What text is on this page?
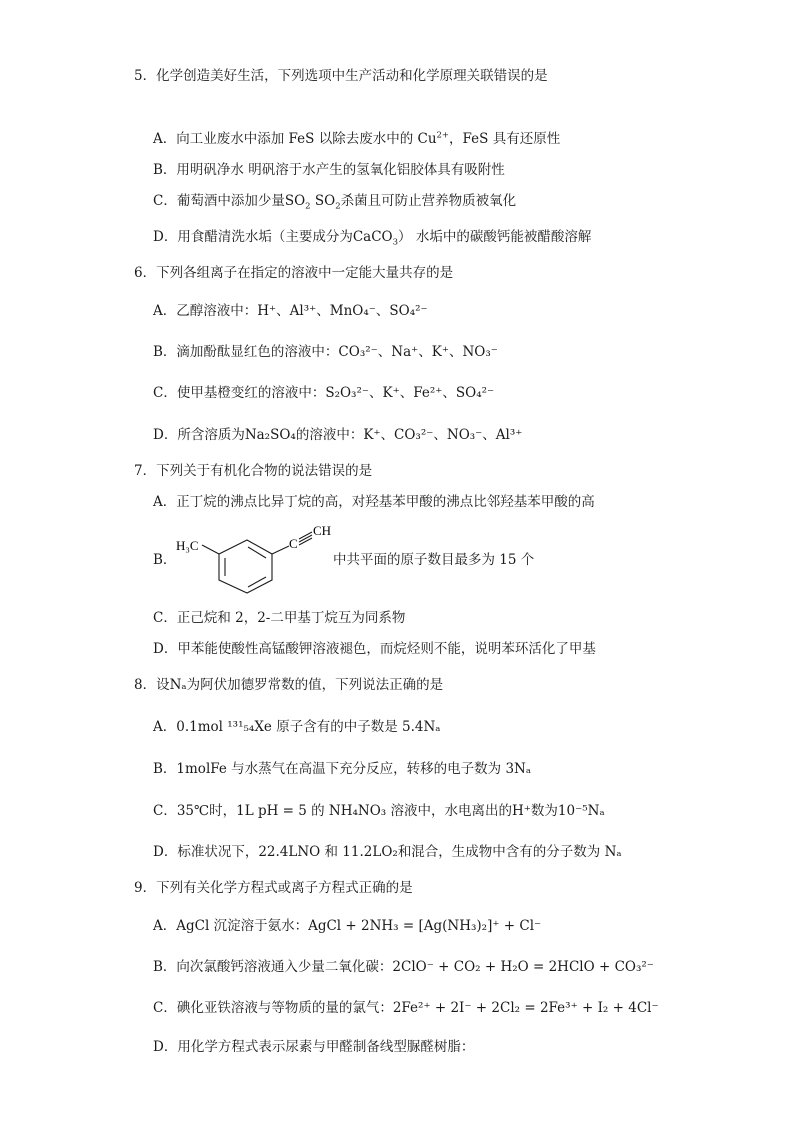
5．化学创造美好生活，下列选项中生产活动和化学原理关联错误的是
A．向工业废水中添加 FeS 以除去废水中的 $Cu^{2+}$，FeS 具有还原性
B．用明矾净水 明矾溶于水产生的氢氧化铝胶体具有吸附性
C．葡萄酒中添加少量$SO_2$ $SO_2$杀菌且可防止营养物质被氧化
D．用食醋清洗水垢（主要成分为CaCO$_3$） 水垢中的碳酸钙能被醋酸溶解
6．下列各组离子在指定的溶液中一定能大量共存的是
A．乙醇溶液中：H⁺、Al³⁺、MnO₄⁻、SO₄²⁻
B．滴加酚酞显红色的溶液中：CO₃²⁻、Na⁺、K⁺、NO₃⁻
C．使甲基橙变红的溶液中：S₂O₃²⁻、K⁺、Fe²⁺、SO₄²⁻
D．所含溶质为Na₂SO₄的溶液中：K⁺、CO₃²⁻、NO₃⁻、Al³⁺
7．下列关于有机化合物的说法错误的是
A．正丁烷的沸点比异丁烷的高，对羟基苯甲酸的沸点比邻羟基苯甲酸的高
B．
H₃C	C
CH
中共平面的原子数目最多为 15 个
C．正己烷和 2，2-二甲基丁烷互为同系物
D．甲苯能使酸性高锰酸钾溶液褪色，而烷烃则不能，说明苯环活化了甲基
8．设Nₐ为阿伏加德罗常数的值，下列说法正确的是
A．0.1mol ¹³¹₅₄Xe 原子含有的中子数是 5.4Nₐ
B．1molFe 与水蒸气在高温下充分反应，转移的电子数为 3Nₐ
C．35℃时，1L pH = 5 的 NH₄NO₃ 溶液中，水电离出的H⁺数为10⁻⁵Nₐ
D．标准状况下，22.4LNO 和 11.2LO₂和混合，生成物中含有的分子数为 Nₐ
9．下列有关化学方程式或离子方程式正确的是
A．AgCl 沉淀溶于氨水：AgCl + 2NH₃ = [Ag(NH₃)₂]⁺ + Cl⁻
B．向次氯酸钙溶液通入少量二氧化碳：2ClO⁻ + CO₂ + H₂O = 2HClO + CO₃²⁻
C．碘化亚铁溶液与等物质的量的氯气：2Fe²⁺ + 2I⁻ + 2Cl₂ = 2Fe³⁺ + I₂ + 4Cl⁻
D．用化学方程式表示尿素与甲醛制备线型脲醛树脂：
